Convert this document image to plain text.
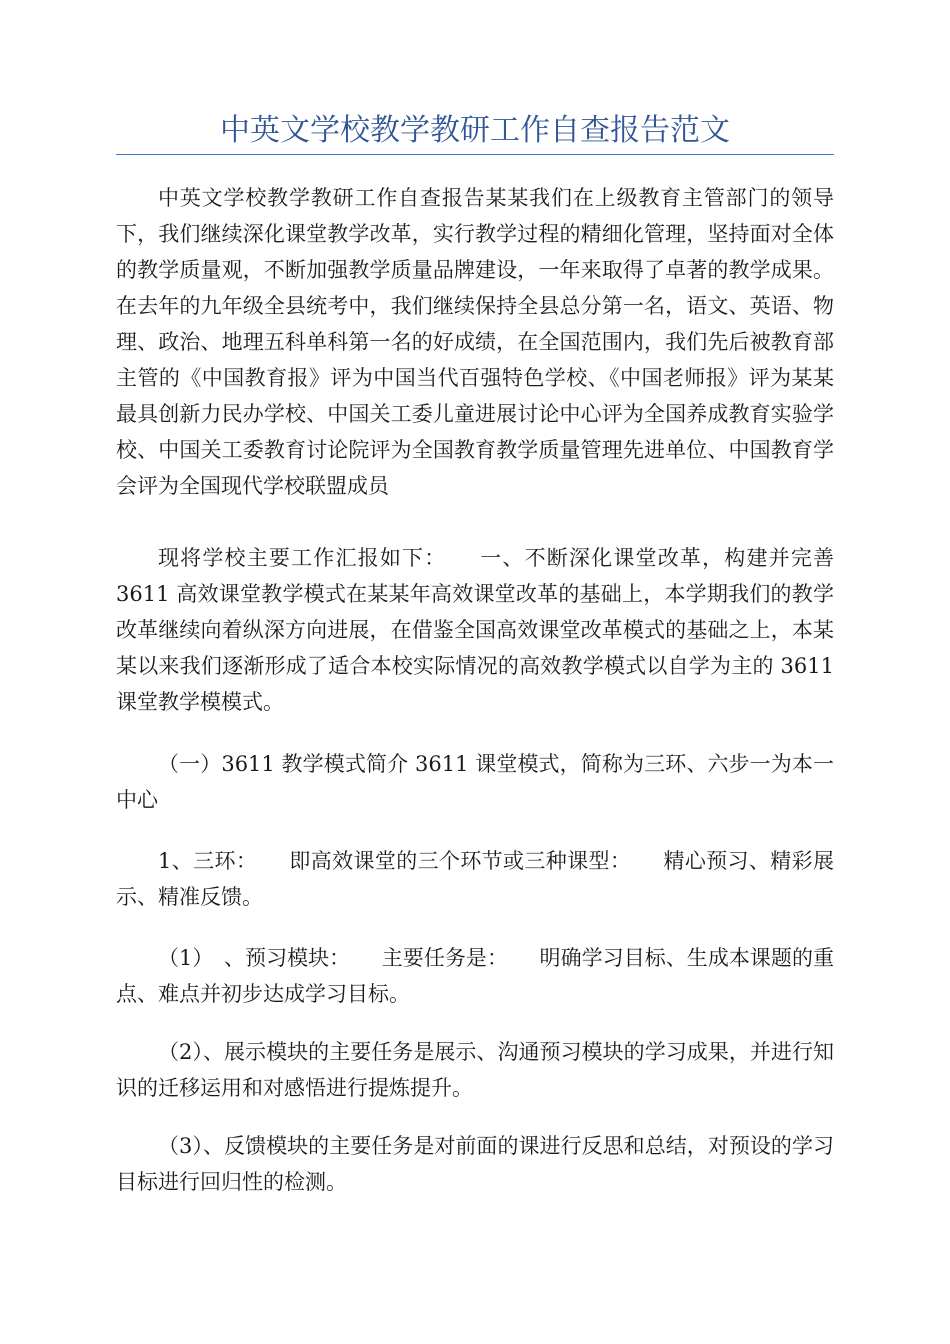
中英文学校教学教研工作自查报告范文

中英文学校教学教研工作自查报告某某我们在上级教育主管部门的领导下，我们继续深化课堂教学改革，实行教学过程的精细化管理，坚持面对全体的教学质量观，不断加强教学质量品牌建设，一年来取得了卓著的教学成果。在去年的九年级全县统考中，我们继续保持全县总分第一名，语文、英语、物理、政治、地理五科单科第一名的好成绩，在全国范围内，我们先后被教育部主管的《中国教育报》评为中国当代百强特色学校、《中国老师报》评为某某最具创新力民办学校、中国关工委儿童进展讨论中心评为全国养成教育实验学校、中国关工委教育讨论院评为全国教育教学质量管理先进单位、中国教育学会评为全国现代学校联盟成员

现将学校主要工作汇报如下：　　一、不断深化课堂改革，构建并完善 3611 高效课堂教学模式在某某年高效课堂改革的基础上，本学期我们的教学改革继续向着纵深方向进展，在借鉴全国高效课堂改革模式的基础之上，本某某以来我们逐渐形成了适合本校实际情况的高效教学模式以自学为主的 3611 课堂教学模模式。

（一）3611 教学模式简介 3611 课堂模式，简称为三环、六步一为本一中心

1、三环：　　即高效课堂的三个环节或三种课型：　　精心预习、精彩展示、精准反馈。

（1）　、预习模块：　　主要任务是：　　明确学习目标、生成本课题的重点、难点并初步达成学习目标。

（2）、展示模块的主要任务是展示、沟通预习模块的学习成果，并进行知识的迁移运用和对感悟进行提炼提升。

（3）、反馈模块的主要任务是对前面的课进行反思和总结，对预设的学习目标进行回归性的检测。
